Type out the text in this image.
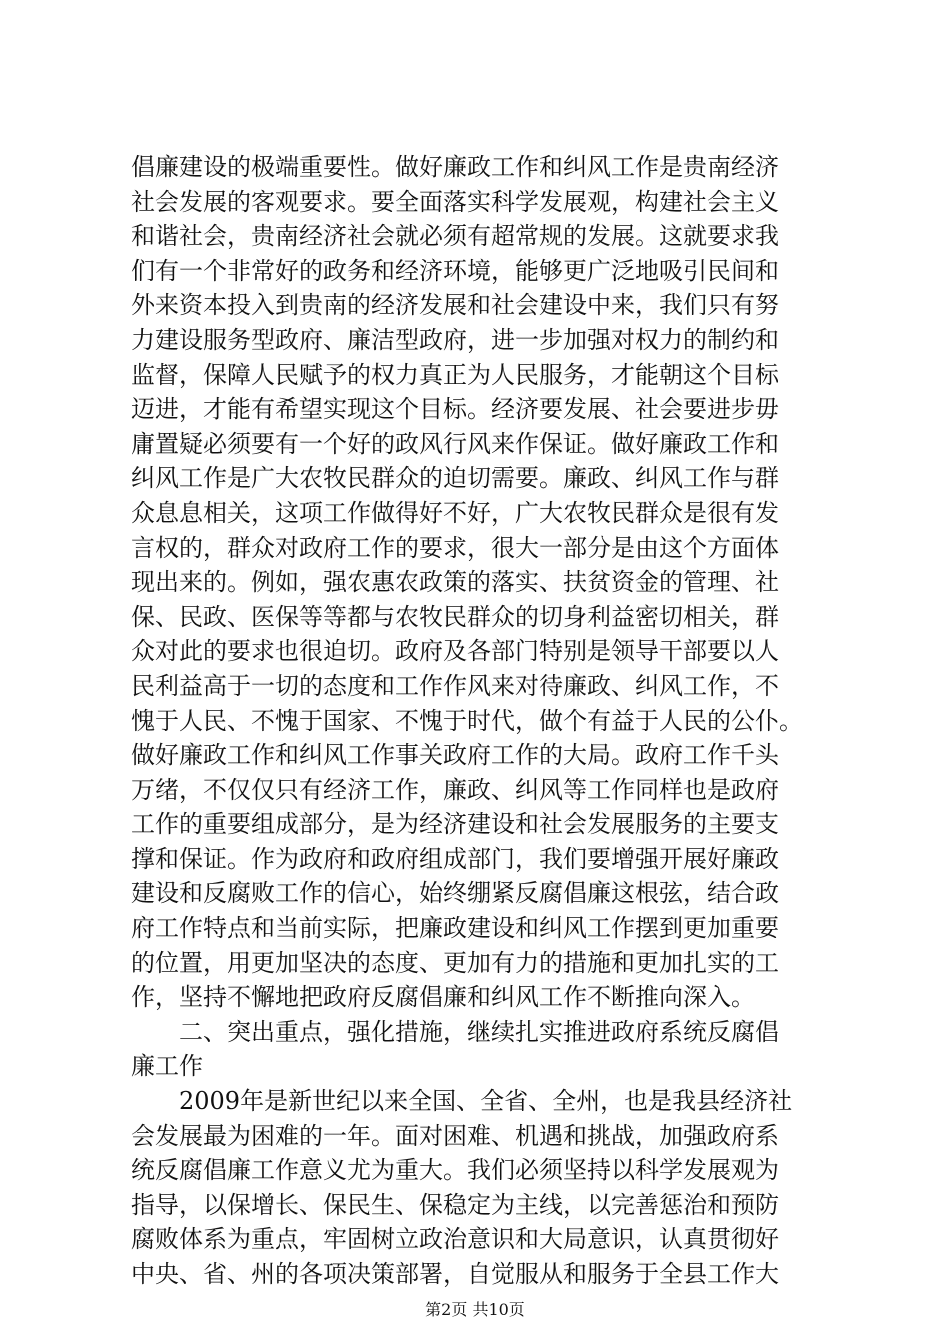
倡廉建设的极端重要性。做好廉政工作和纠风工作是贵南经济
社会发展的客观要求。要全面落实科学发展观，构建社会主义
和谐社会，贵南经济社会就必须有超常规的发展。这就要求我
们有一个非常好的政务和经济环境，能够更广泛地吸引民间和
外来资本投入到贵南的经济发展和社会建设中来，我们只有努
力建设服务型政府、廉洁型政府，进一步加强对权力的制约和
监督，保障人民赋予的权力真正为人民服务，才能朝这个目标
迈进，才能有希望实现这个目标。经济要发展、社会要进步毋
庸置疑必须要有一个好的政风行风来作保证。做好廉政工作和
纠风工作是广大农牧民群众的迫切需要。廉政、纠风工作与群
众息息相关，这项工作做得好不好，广大农牧民群众是很有发
言权的，群众对政府工作的要求，很大一部分是由这个方面体
现出来的。例如，强农惠农政策的落实、扶贫资金的管理、社
保、民政、医保等等都与农牧民群众的切身利益密切相关，群
众对此的要求也很迫切。政府及各部门特别是领导干部要以人
民利益高于一切的态度和工作作风来对待廉政、纠风工作，不
愧于人民、不愧于国家、不愧于时代，做个有益于人民的公仆。
做好廉政工作和纠风工作事关政府工作的大局。政府工作千头
万绪，不仅仅只有经济工作，廉政、纠风等工作同样也是政府
工作的重要组成部分，是为经济建设和社会发展服务的主要支
撑和保证。作为政府和政府组成部门，我们要增强开展好廉政
建设和反腐败工作的信心，始终绷紧反腐倡廉这根弦，结合政
府工作特点和当前实际，把廉政建设和纠风工作摆到更加重要
的位置，用更加坚决的态度、更加有力的措施和更加扎实的工
作，坚持不懈地把政府反腐倡廉和纠风工作不断推向深入。
　　二、突出重点，强化措施，继续扎实推进政府系统反腐倡
廉工作
　　2009年是新世纪以来全国、全省、全州，也是我县经济社
会发展最为困难的一年。面对困难、机遇和挑战，加强政府系
统反腐倡廉工作意义尤为重大。我们必须坚持以科学发展观为
指导，以保增长、保民生、保稳定为主线，以完善惩治和预防
腐败体系为重点，牢固树立政治意识和大局意识，认真贯彻好
中央、省、州的各项决策部署，自觉服从和服务于全县工作大
第2页 共10页
